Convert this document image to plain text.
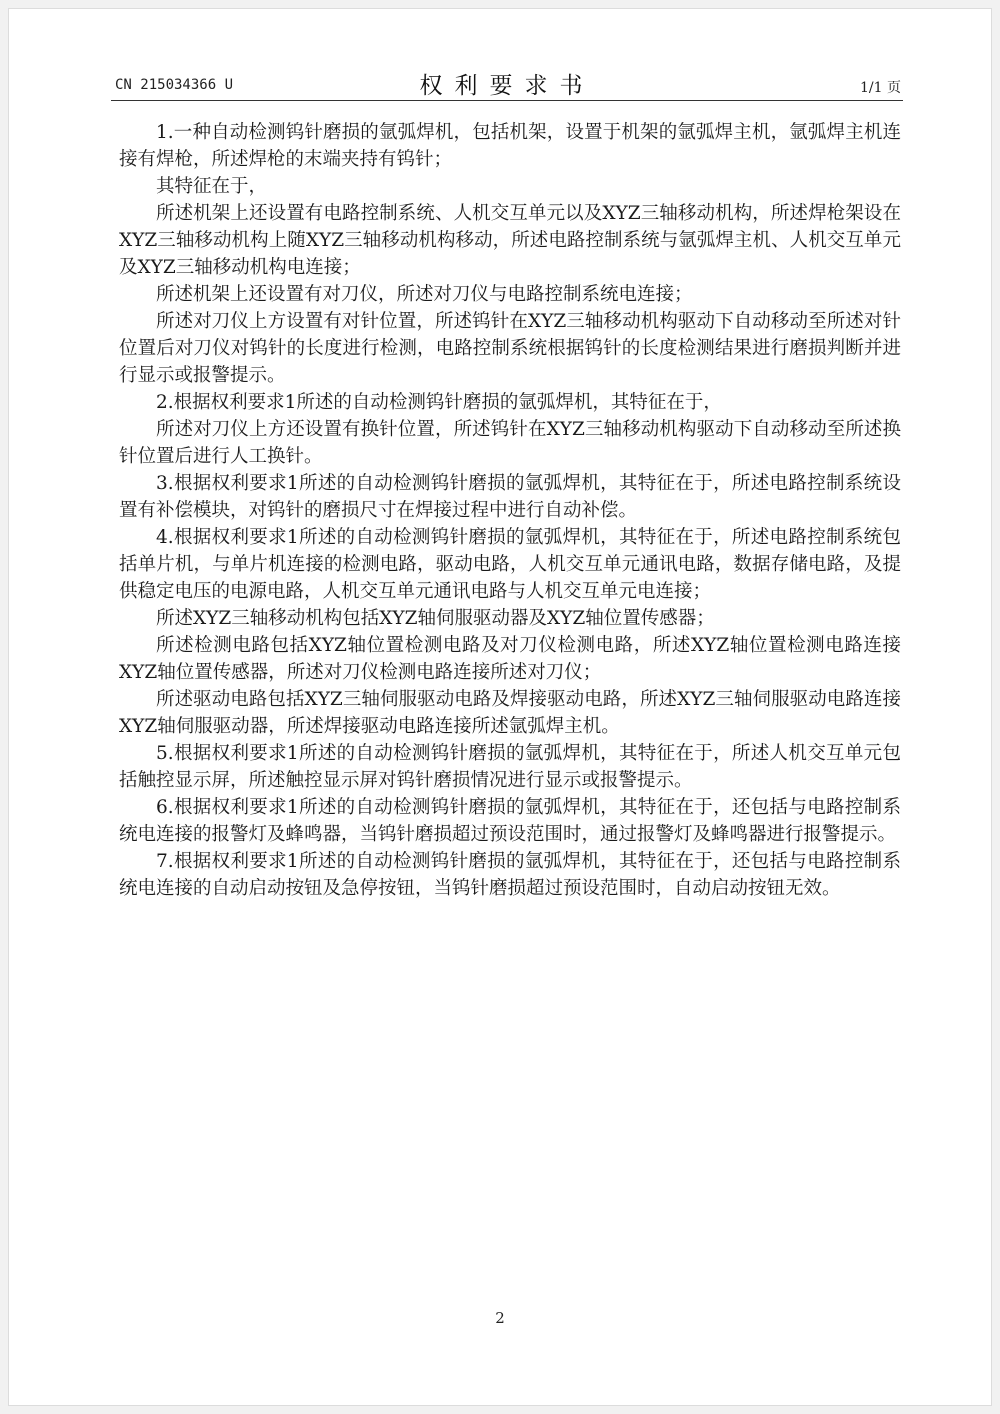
CN 215034366 U	权利要求书	1/1 页

1.一种自动检测钨针磨损的氩弧焊机，包括机架，设置于机架的氩弧焊主机，氩弧焊主机连接有焊枪，所述焊枪的末端夹持有钨针；

其特征在于，

所述机架上还设置有电路控制系统、人机交互单元以及XYZ三轴移动机构，所述焊枪架设在XYZ三轴移动机构上随XYZ三轴移动机构移动，所述电路控制系统与氩弧焊主机、人机交互单元及XYZ三轴移动机构电连接；

所述机架上还设置有对刀仪，所述对刀仪与电路控制系统电连接；

所述对刀仪上方设置有对针位置，所述钨针在XYZ三轴移动机构驱动下自动移动至所述对针位置后对刀仪对钨针的长度进行检测，电路控制系统根据钨针的长度检测结果进行磨损判断并进行显示或报警提示。

2.根据权利要求1所述的自动检测钨针磨损的氩弧焊机，其特征在于，

所述对刀仪上方还设置有换针位置，所述钨针在XYZ三轴移动机构驱动下自动移动至所述换针位置后进行人工换针。

3.根据权利要求1所述的自动检测钨针磨损的氩弧焊机，其特征在于，所述电路控制系统设置有补偿模块，对钨针的磨损尺寸在焊接过程中进行自动补偿。

4.根据权利要求1所述的自动检测钨针磨损的氩弧焊机，其特征在于，所述电路控制系统包括单片机，与单片机连接的检测电路，驱动电路，人机交互单元通讯电路，数据存储电路，及提供稳定电压的电源电路，人机交互单元通讯电路与人机交互单元电连接；

所述XYZ三轴移动机构包括XYZ轴伺服驱动器及XYZ轴位置传感器；

所述检测电路包括XYZ轴位置检测电路及对刀仪检测电路，所述XYZ轴位置检测电路连接XYZ轴位置传感器，所述对刀仪检测电路连接所述对刀仪；

所述驱动电路包括XYZ三轴伺服驱动电路及焊接驱动电路，所述XYZ三轴伺服驱动电路连接XYZ轴伺服驱动器，所述焊接驱动电路连接所述氩弧焊主机。

5.根据权利要求1所述的自动检测钨针磨损的氩弧焊机，其特征在于，所述人机交互单元包括触控显示屏，所述触控显示屏对钨针磨损情况进行显示或报警提示。

6.根据权利要求1所述的自动检测钨针磨损的氩弧焊机，其特征在于，还包括与电路控制系统电连接的报警灯及蜂鸣器，当钨针磨损超过预设范围时，通过报警灯及蜂鸣器进行报警提示。

7.根据权利要求1所述的自动检测钨针磨损的氩弧焊机，其特征在于，还包括与电路控制系统电连接的自动启动按钮及急停按钮，当钨针磨损超过预设范围时，自动启动按钮无效。

2
